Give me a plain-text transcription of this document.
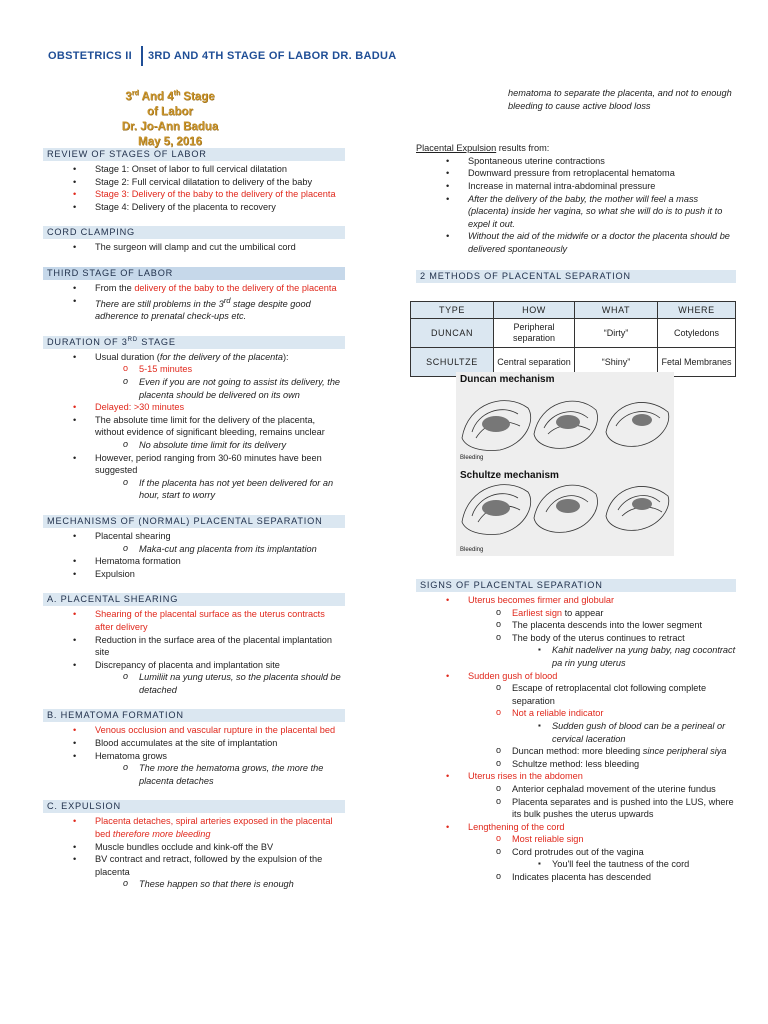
OBSTETRICS II 3RD AND 4TH STAGE OF LABOR DR. BADUA
3rd And 4th Stage of Labor
Dr. Jo-Ann Badua
May 5, 2016
REVIEW OF STAGES OF LABOR
• Stage 1: Onset of labor to full cervical dilatation
• Stage 2: Full cervical dilatation to delivery of the baby
• Stage 3: Delivery of the baby to the delivery of the placenta
• Stage 4: Delivery of the placenta to recovery
CORD CLAMPING
• The surgeon will clamp and cut the umbilical cord
THIRD STAGE OF LABOR
• From the delivery of the baby to the delivery of the placenta
• There are still problems in the 3rd stage despite good adherence to prenatal check-ups etc.
DURATION OF 3RD STAGE
• Usual duration (for the delivery of the placenta):
o 5-15 minutes
o Even if you are not going to assist its delivery, the placenta should be delivered on its own
• Delayed: >30 minutes
• The absolute time limit for the delivery of the placenta, without evidence of significant bleeding, remains unclear
o No absolute time limit for its delivery
• However, period ranging from 30-60 minutes have been suggested
o If the placenta has not yet been delivered for an hour, start to worry
MECHANISMS OF (NORMAL) PLACENTAL SEPARATION
• Placental shearing
o Maka-cut ang placenta from its implantation
• Hematoma formation
• Expulsion
A. PLACENTAL SHEARING
• Shearing of the placental surface as the uterus contracts after delivery
• Reduction in the surface area of the placental implantation site
• Discrepancy of placenta and implantation site
o Lumiliit na yung uterus, so the placenta should be detached
B. HEMATOMA FORMATION
• Venous occlusion and vascular rupture in the placental bed
• Blood accumulates at the site of implantation
• Hematoma grows
o The more the hematoma grows, the more the placenta detaches
C. EXPULSION
• Placenta detaches, spiral arteries exposed in the placental bed therefore more bleeding
• Muscle bundles occlude and kink-off the BV
• BV contract and retract, followed by the expulsion of the placenta
o These happen so that there is enough

hematoma to separate the placenta, and not to enough bleeding to cause active blood loss

Placental Expulsion results from:

• Spontaneous uterine contractions
• Downward pressure from retroplacental hematoma
• Increase in maternal intra-abdominal pressure
• After the delivery of the baby, the mother will feel a mass (placenta) inside her vagina, so what she will do is to push it to expel it out.
• Without the aid of the midwife or a doctor the placenta should be delivered spontaneously
2 METHODS OF PLACENTAL SEPARATION
TYPE	HOW	WHAT	WHERE
DUNCAN	Peripheral separation	“Dirty”	Cotyledons
SCHULTZE	Central separation	“Shiny”	Fetal Membranes
Duncan mechanism
Bleeding
Schultze mechanism
Bleeding
SIGNS OF PLACENTAL SEPARATION
• Uterus becomes firmer and globular
o Earliest sign to appear
o The placenta descends into the lower segment
o The body of the uterus continues to retract
▪ Kahit nadeliver na yung baby, nag cocontract pa rin yung uterus
• Sudden gush of blood
o Escape of retroplacental clot following complete separation
o Not a reliable indicator
▪ Sudden gush of blood can be a perineal or cervical laceration
o Duncan method: more bleeding since peripheral siya
o Schultze method: less bleeding
• Uterus rises in the abdomen
o Anterior cephalad movement of the uterine fundus
o Placenta separates and is pushed into the LUS, where its bulk pushes the uterus upwards
• Lengthening of the cord
o Most reliable sign
o Cord protrudes out of the vagina
▪ You'll feel the tautness of the cord
o Indicates placenta has descended
